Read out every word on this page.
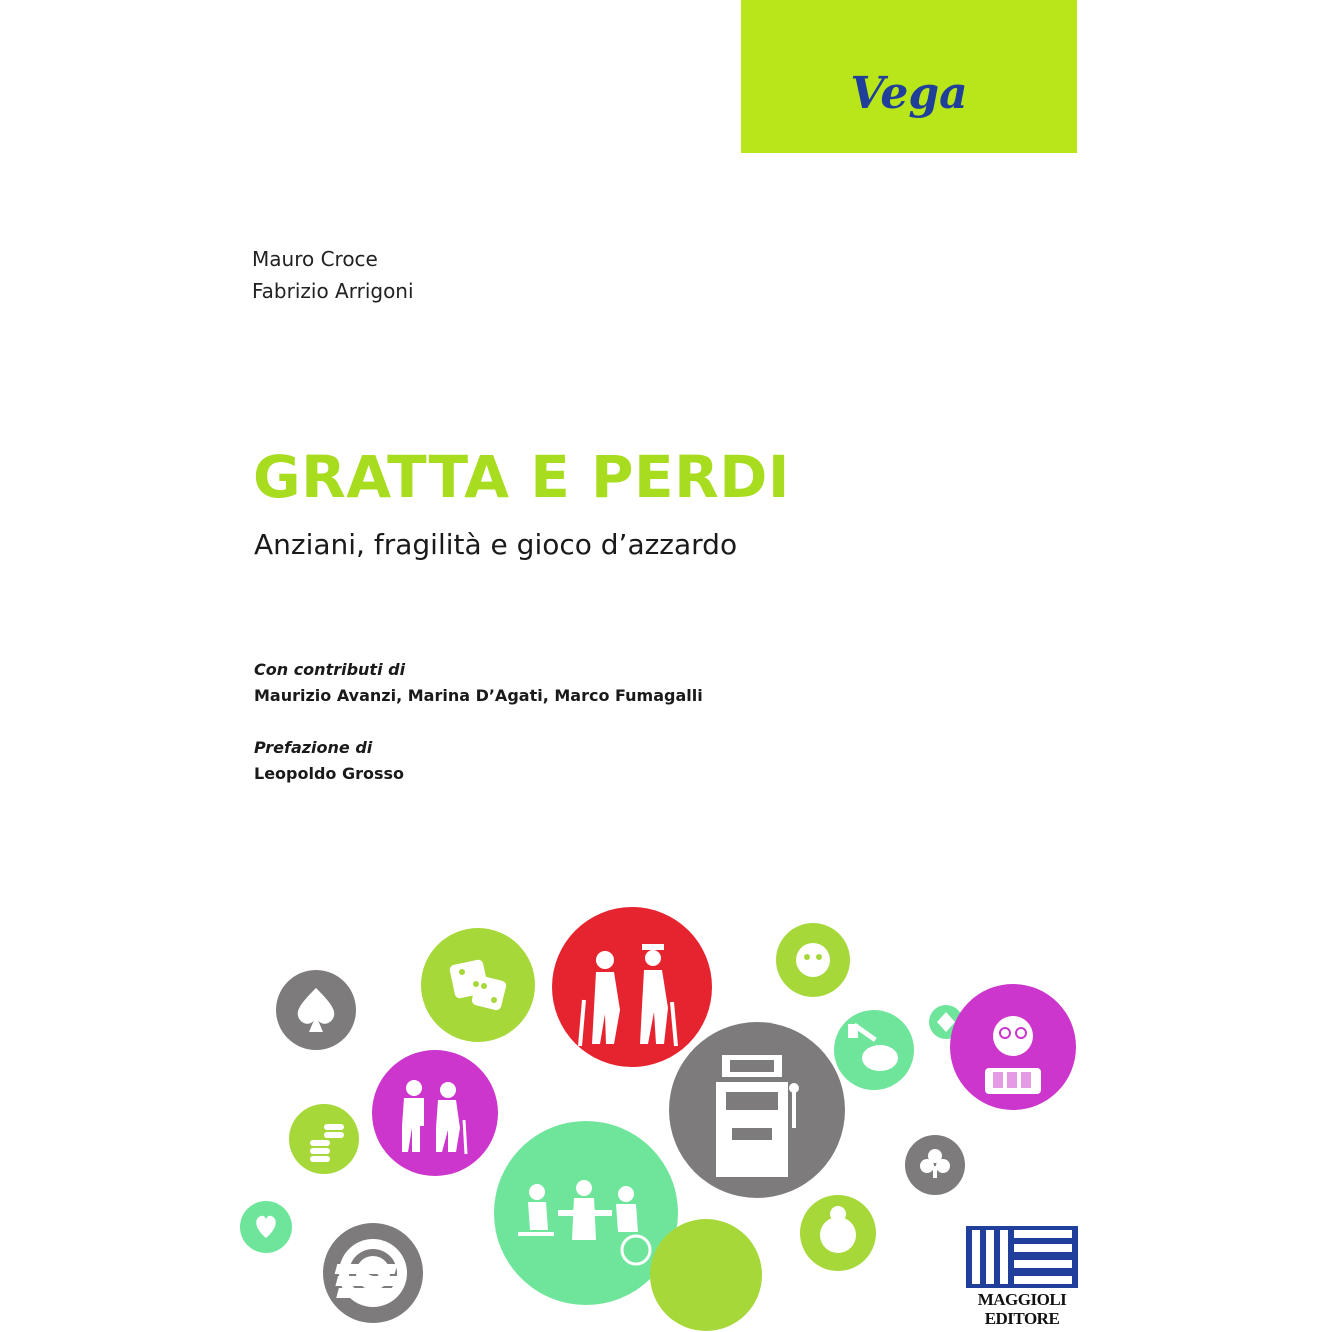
Vega
Mauro Croce
Fabrizio Arrigoni
GRATTA E PERDI
Anziani, fragilità e gioco d’azzardo
Con contributi di
Maurizio Avanzi, Marina D’Agati, Marco Fumagalli
Prefazione di
Leopoldo Grosso
MAGGIOLI
EDITORE
